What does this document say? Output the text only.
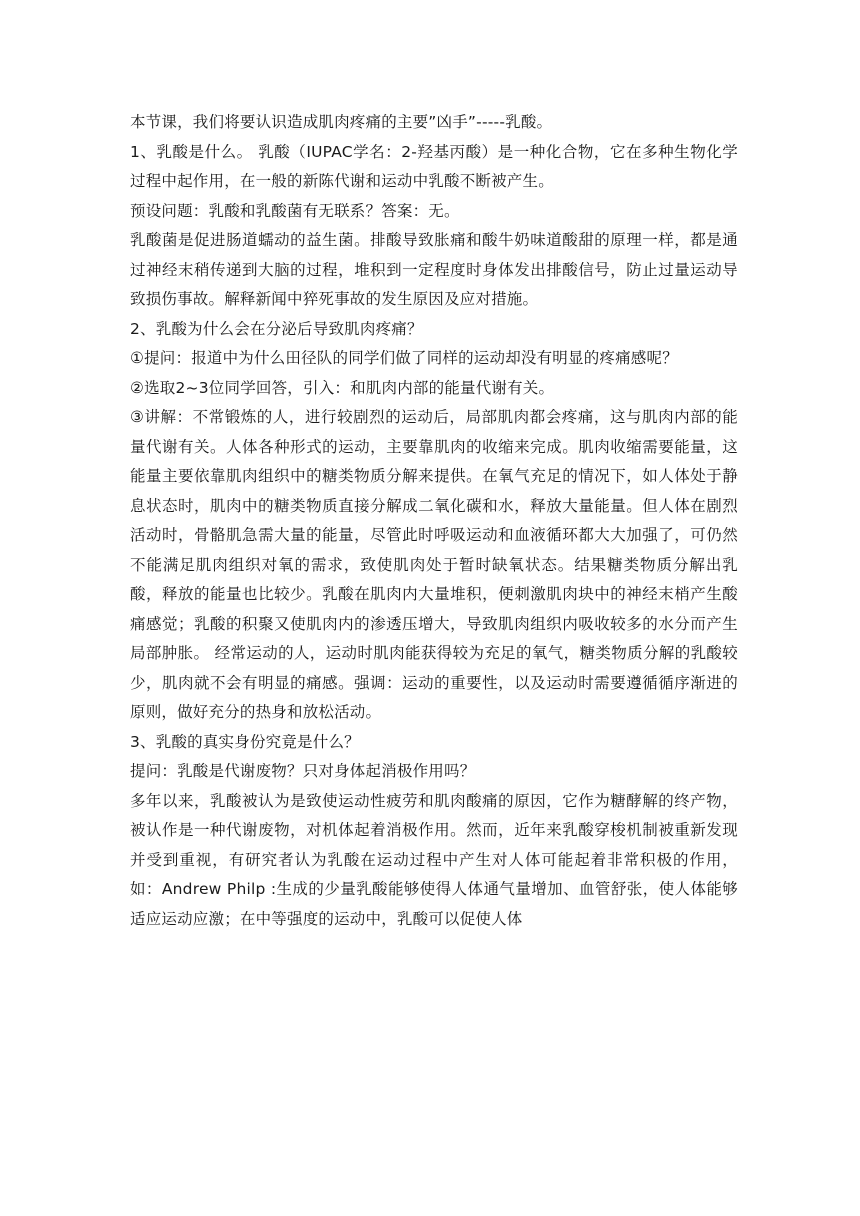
本节课，我们将要认识造成肌肉疼痛的主要”凶手”-----乳酸。

1、乳酸是什么。 乳酸（IUPAC学名：2-羟基丙酸）是一种化合物，它在多种生物化学过程中起作用，在一般的新陈代谢和运动中乳酸不断被产生。

预设问题：乳酸和乳酸菌有无联系？答案：无。

乳酸菌是促进肠道蠕动的益生菌。排酸导致胀痛和酸牛奶味道酸甜的原理一样，都是通过神经末稍传递到大脑的过程，堆积到一定程度时身体发出排酸信号，防止过量运动导致损伤事故。解释新闻中猝死事故的发生原因及应对措施。

2、乳酸为什么会在分泌后导致肌肉疼痛？

①提问：报道中为什么田径队的同学们做了同样的运动却没有明显的疼痛感呢？

②选取2~3位同学回答，引入：和肌肉内部的能量代谢有关。

③讲解：不常锻炼的人，进行较剧烈的运动后，局部肌肉都会疼痛，这与肌肉内部的能量代谢有关。人体各种形式的运动，主要靠肌肉的收缩来完成。肌肉收缩需要能量，这能量主要依靠肌肉组织中的糖类物质分解来提供。在氧气充足的情况下，如人体处于静息状态时，肌肉中的糖类物质直接分解成二氧化碳和水，释放大量能量。但人体在剧烈活动时，骨骼肌急需大量的能量，尽管此时呼吸运动和血液循环都大大加强了，可仍然不能满足肌肉组织对氧的需求，致使肌肉处于暂时缺氧状态。结果糖类物质分解出乳酸，释放的能量也比较少。乳酸在肌肉内大量堆积，便刺激肌肉块中的神经末梢产生酸痛感觉；乳酸的积聚又使肌肉内的渗透压增大，导致肌肉组织内吸收较多的水分而产生局部肿胀。 经常运动的人，运动时肌肉能获得较为充足的氧气，糖类物质分解的乳酸较少，肌肉就不会有明显的痛感。强调：运动的重要性，以及运动时需要遵循循序渐进的原则，做好充分的热身和放松活动。

3、乳酸的真实身份究竟是什么？

提问：乳酸是代谢废物？只对身体起消极作用吗？

多年以来，乳酸被认为是致使运动性疲劳和肌肉酸痛的原因，它作为糖酵解的终产物，被认作是一种代谢废物，对机体起着消极作用。然而，近年来乳酸穿梭机制被重新发现并受到重视，有研究者认为乳酸在运动过程中产生对人体可能起着非常积极的作用，如：Andrew Philp :生成的少量乳酸能够使得人体通气量增加、血管舒张，使人体能够适应运动应激；在中等强度的运动中，乳酸可以促使人体
